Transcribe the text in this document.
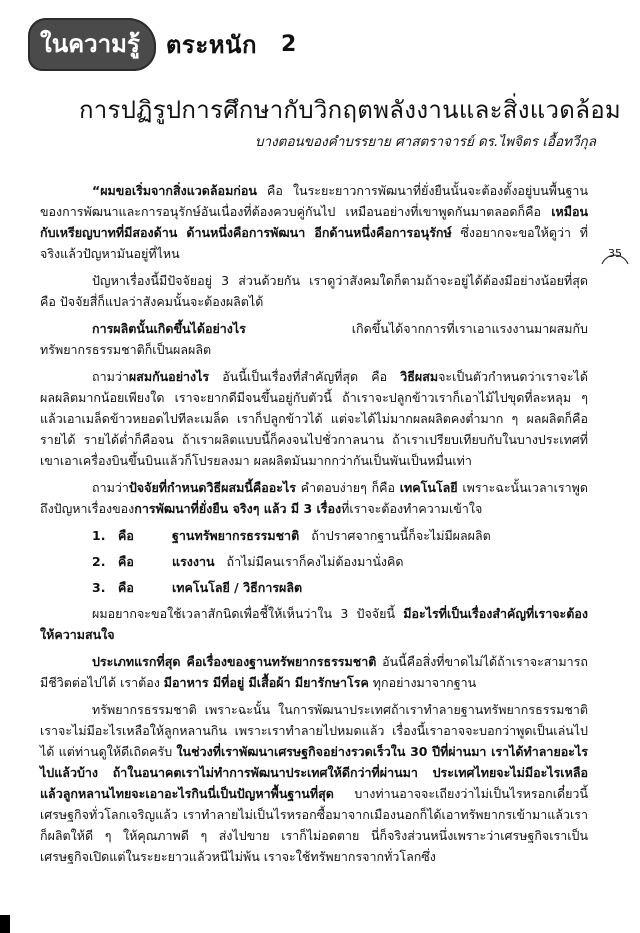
ในความรู้	ตระหนัก 2
การปฏิรูปการศึกษากับวิกฤตพลังงานและสิ่งแวดล้อม
บางตอนของคำบรรยาย ศาสตราจารย์ ดร.ไพจิตร เอื้อทวีกุล
35

“ผมขอเริ่มจากสิ่งแวดล้อมก่อน คือ ในระยะยาวการพัฒนาที่ยั่งยืนนั้นจะต้องตั้งอยู่บนพื้นฐานของการพัฒนาและการอนุรักษ์อันเนื่องที่ต้องควบคู่กันไป เหมือนอย่างที่เขาพูดกันมาตลอดก็คือ เหมือนกับเหรียญบาทที่มีสองด้าน ด้านหนึ่งคือการพัฒนา อีกด้านหนึ่งคือการอนุรักษ์ ซึ่งอยากจะขอให้ดูว่า ที่จริงแล้วปัญหามันอยู่ที่ไหน

ปัญหาเรื่องนี้มีปัจจัยอยู่ 3 ส่วนด้วยกัน เราดูว่าสังคมใดก็ตามถ้าจะอยู่ได้ต้องมีอย่างน้อยที่สุด คือ ปัจจัยสี่ก็แปลว่าสังคมนั้นจะต้องผลิตได้

การผลิตนั้นเกิดขึ้นได้อย่างไร เกิดขึ้นได้จากการที่เราเอาแรงงานมาผสมกับทรัพยากรธรรมชาติก็เป็นผลผลิต

ถามว่าผสมกันอย่างไร อันนี้เป็นเรื่องที่สำคัญที่สุด คือ วิธีผสมจะเป็นตัวกำหนดว่าเราจะได้ผลผลิตมากน้อยเพียงใด เราจะยากดีมีจนขึ้นอยู่กับตัวนี้ ถ้าเราจะปลูกข้าวเราก็เอาไม้ไปขุดที่ละหลุม ๆ แล้วเอาเมล็ดข้าวหยอดไปทีละเมล็ด เราก็ปลูกข้าวได้ แต่จะได้ไม่มากผลผลิตคงต่ำมาก ๆ ผลผลิตก็คือรายได้ รายได้ต่ำก็คือจน ถ้าเราผลิตแบบนี้ก็คงจนไปชั่วกาลนาน ถ้าเราเปรียบเทียบกับในบางประเทศที่เขาเอาเครื่องบินขึ้นบินแล้วก็โปรยลงมา ผลผลิตมันมากกว่ากันเป็นพันเป็นหมื่นเท่า

ถามว่าปัจจัยที่กำหนดวิธีผสมนี้คืออะไร คำตอบง่ายๆ ก็คือ เทคโนโลยี เพราะฉะนั้นเวลาเราพูดถึงปัญหาเรื่องของการพัฒนาที่ยั่งยืน จริงๆ แล้ว มี 3 เรื่องที่เราจะต้องทำความเข้าใจ

1.	คือ	ฐานทรัพยากรธรรมชาติ ถ้าปราศจากฐานนี้ก็จะไม่มีผลผลิต
2.	คือ	แรงงาน ถ้าไม่มีคนเราก็คงไม่ต้องมานั่งคิด
3.	คือ	เทคโนโลยี / วิธีการผลิต

ผมอยากจะขอใช้เวลาสักนิดเพื่อชี้ให้เห็นว่าใน 3 ปัจจัยนี้ มีอะไรที่เป็นเรื่องสำคัญที่เราจะต้องให้ความสนใจ

ประเภทแรกที่สุด คือเรื่องของฐานทรัพยากรธรรมชาติ อันนี้คือสิ่งที่ขาดไม่ได้ถ้าเราจะสามารถมีชีวิตต่อไปได้ เราต้อง มีอาหาร มีที่อยู่ มีเสื้อผ้า มียารักษาโรค ทุกอย่างมาจากฐาน

ทรัพยากรธรรมชาติ เพราะฉะนั้น ในการพัฒนาประเทศถ้าเราทำลายฐานทรัพยากรธรรมชาติเราจะไม่มีอะไรเหลือให้ลูกหลานกิน เพราะเราทำลายไปหมดแล้ว เรื่องนี้เราอาจจะบอกว่าพูดเป็นเล่นไปได้ แต่ท่านดูให้ดีเถิดครับ ในช่วงที่เราพัฒนาเศรษฐกิจอย่างรวดเร็วใน 30 ปีที่ผ่านมา เราได้ทำลายอะไรไปแล้วบ้าง ถ้าในอนาคตเราไม่ทำการพัฒนาประเทศให้ดีกว่าที่ผ่านมา ประเทศไทยจะไม่มีอะไรเหลือ แล้วลูกหลานไทยจะเอาอะไรกินนี่เป็นปัญหาพื้นฐานที่สุด บางท่านอาจจะเถียงว่าไม่เป็นไรหรอกเดี๋ยวนี้เศรษฐกิจทั่วโลกเจริญแล้ว เราทำลายไม่เป็นไรหรอกซื้อมาจากเมืองนอกก็ได้เอาทรัพยากรเข้ามาแล้วเราก็ผลิตให้ดี ๆ ให้คุณภาพดี ๆ ส่งไปขาย เราก็ไม่อดตาย นี่ก็จริงส่วนหนึ่งเพราะว่าเศรษฐกิจเราเป็นเศรษฐกิจเปิดแต่ในระยะยาวแล้วหนีไม่พ้น เราจะใช้ทรัพยากรจากทั่วโลกซึ่ง
